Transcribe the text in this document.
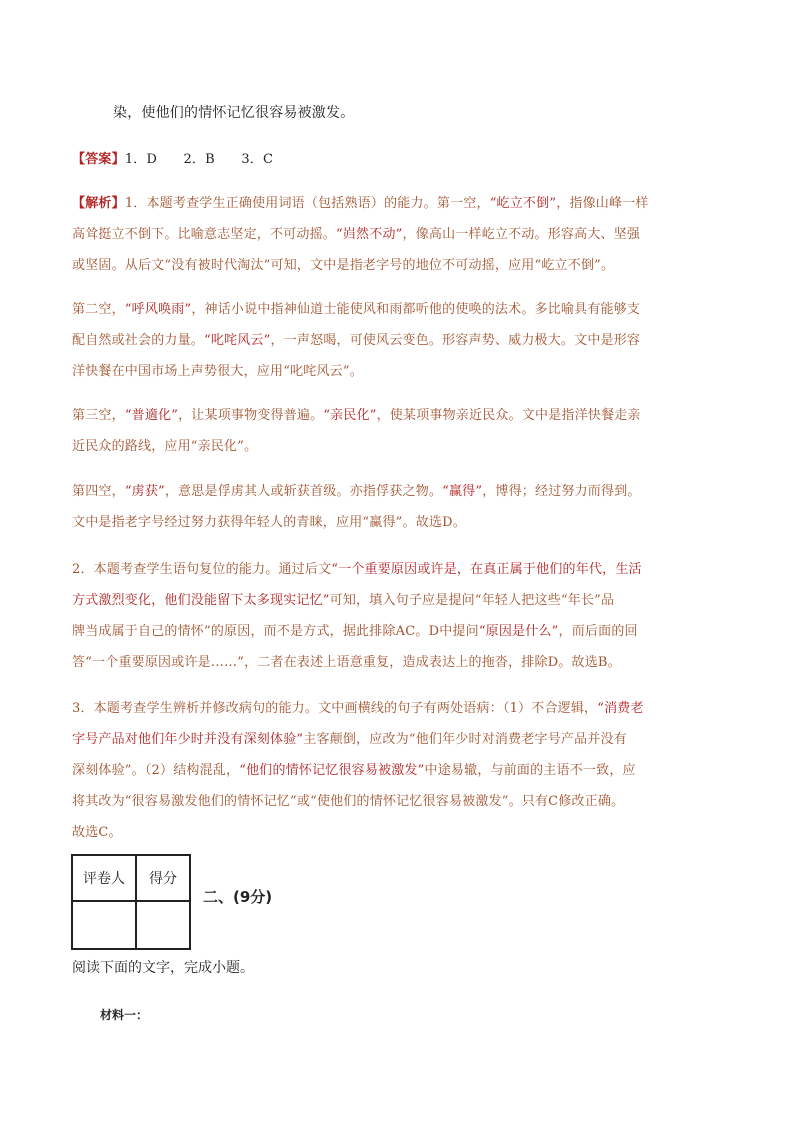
染，使他们的情怀记忆很容易被激发。
【答案】1．D　　2．B　　3．C
【解析】1．本题考查学生正确使用词语（包括熟语）的能力。第一空，“屹立不倒”，指像山峰一样
高耸挺立不倒下。比喻意志坚定，不可动摇。“岿然不动”，像高山一样屹立不动。形容高大、坚强
或坚固。从后文“没有被时代淘汰”可知，文中是指老字号的地位不可动摇，应用“屹立不倒”。
第二空，“呼风唤雨”，神话小说中指神仙道士能使风和雨都听他的使唤的法术。多比喻具有能够支
配自然或社会的力量。“叱咤风云”，一声怒喝，可使风云变色。形容声势、威力极大。文中是形容
洋快餐在中国市场上声势很大，应用“叱咤风云”。
第三空，“普適化”，让某项事物变得普遍。“亲民化”，使某项事物亲近民众。文中是指洋快餐走亲
近民众的路线，应用“亲民化”。
第四空，“虏获”，意思是俘虏其人或斩获首级。亦指俘获之物。“赢得”，博得；经过努力而得到。
文中是指老字号经过努力获得年轻人的青睐，应用“赢得”。故选D。
2．本题考查学生语句复位的能力。通过后文“一个重要原因或许是，在真正属于他们的年代，生活
方式激烈变化，他们没能留下太多现实记忆”可知，填入句子应是提问“年轻人把这些“年长”品
牌当成属于自己的情怀”的原因，而不是方式，据此排除AC。D中提问“原因是什么”，而后面的回
答“一个重要原因或许是……”，二者在表述上语意重复，造成表达上的拖沓，排除D。故选B。
3．本题考查学生辨析并修改病句的能力。文中画横线的句子有两处语病：（1）不合逻辑，“消费老
字号产品对他们年少时并没有深刻体验”主客颠倒，应改为“他们年少时对消费老字号产品并没有
深刻体验”。（2）结构混乱，“他们的情怀记忆很容易被激发”中途易辙，与前面的主语不一致，应
将其改为“很容易激发他们的情怀记忆”或“使他们的情怀记忆很容易被激发”。只有C修改正确。
故选C。
评卷人	得分

二、(9分)
阅读下面的文字，完成小题。
材料一：
